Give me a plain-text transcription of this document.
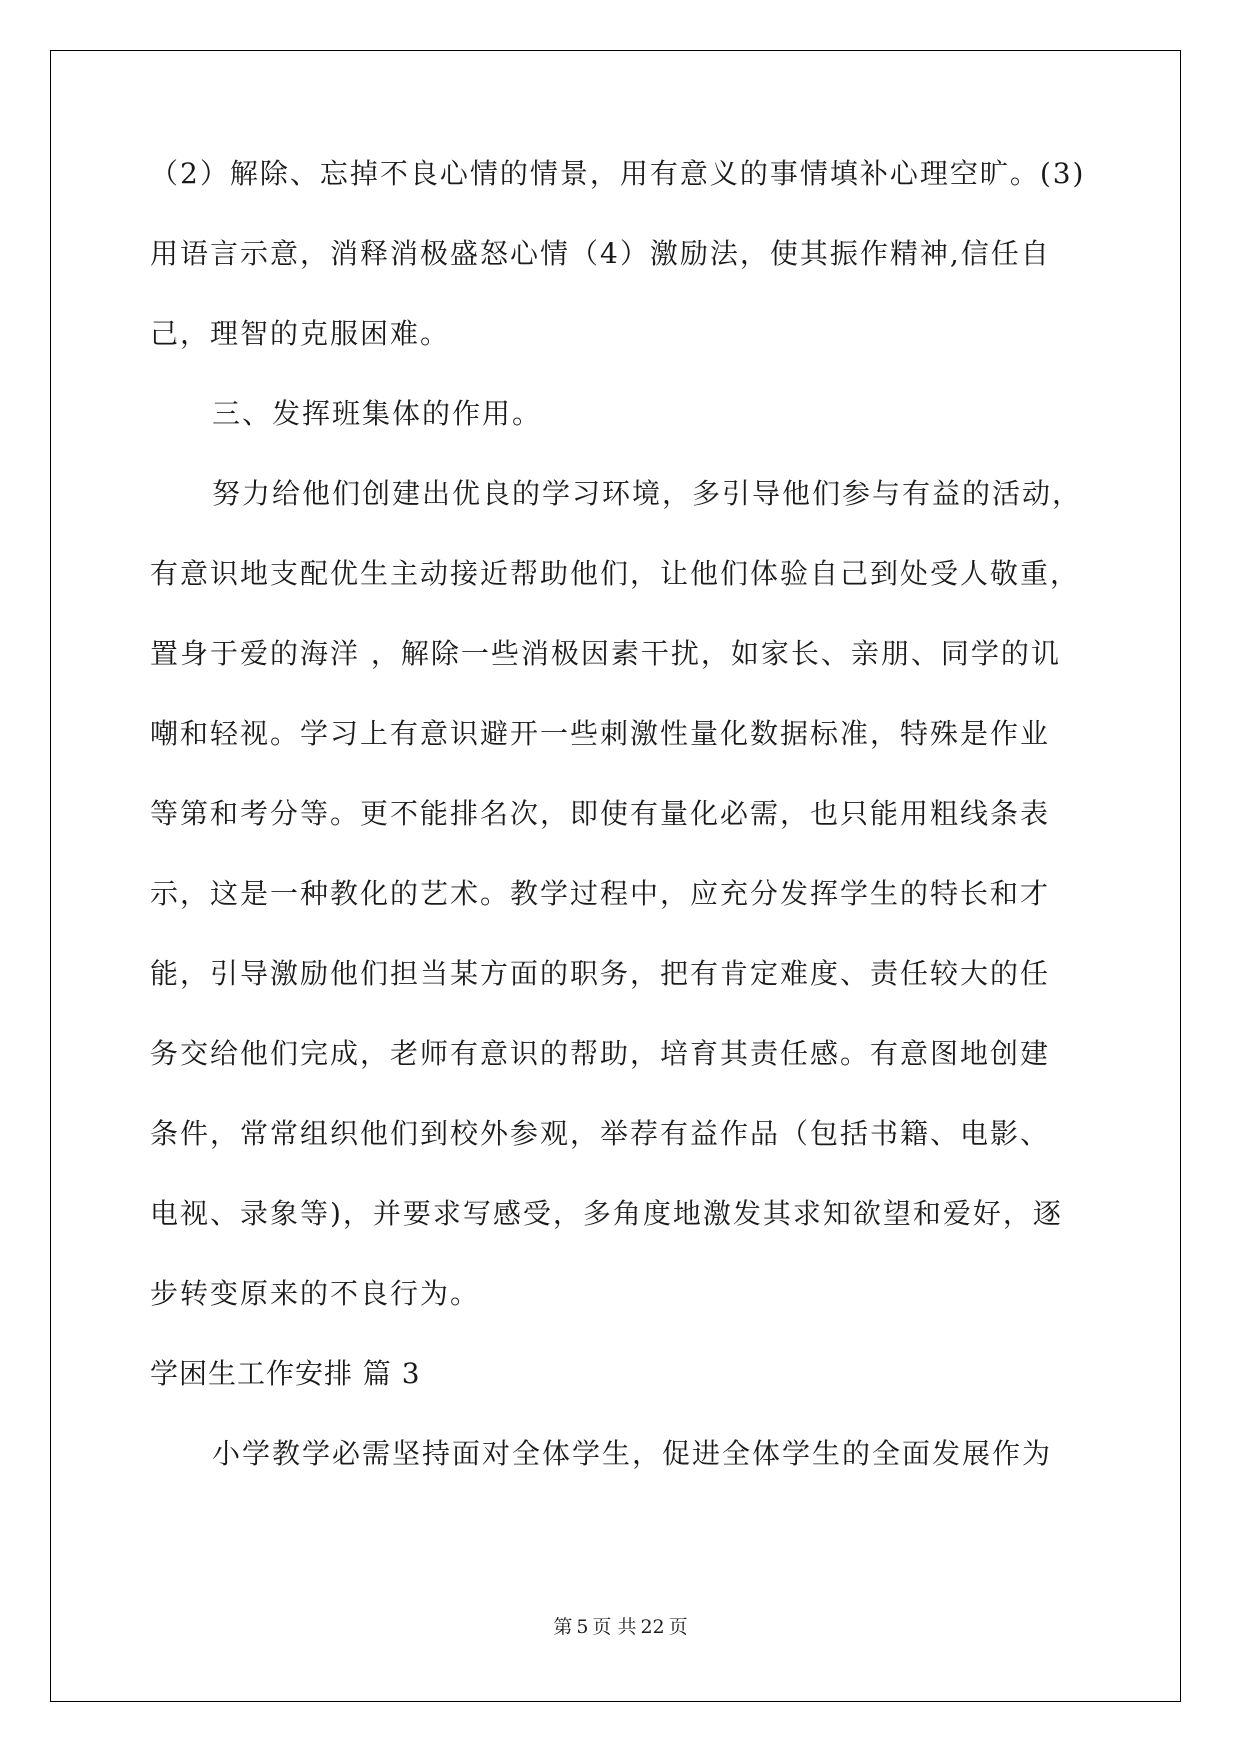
（2）解除、忘掉不良心情的情景，用有意义的事情填补心理空旷。(3)
用语言示意，消释消极盛怒心情（4）激励法，使其振作精神,信任自
己，理智的克服困难。
三、发挥班集体的作用。
努力给他们创建出优良的学习环境，多引导他们参与有益的活动，
有意识地支配优生主动接近帮助他们，让他们体验自己到处受人敬重，
置身于爱的海洋 ，解除一些消极因素干扰，如家长、亲朋、同学的讥
嘲和轻视。学习上有意识避开一些刺激性量化数据标准，特殊是作业
等第和考分等。更不能排名次，即使有量化必需，也只能用粗线条表
示，这是一种教化的艺术。教学过程中，应充分发挥学生的特长和才
能，引导激励他们担当某方面的职务，把有肯定难度、责任较大的任
务交给他们完成，老师有意识的帮助，培育其责任感。有意图地创建
条件，常常组织他们到校外参观，举荐有益作品（包括书籍、电影、
电视、录象等)，并要求写感受，多角度地激发其求知欲望和爱好，逐
步转变原来的不良行为。
学困生工作安排 篇 3
小学教学必需坚持面对全体学生，促进全体学生的全面发展作为
第 5 页 共 22 页
